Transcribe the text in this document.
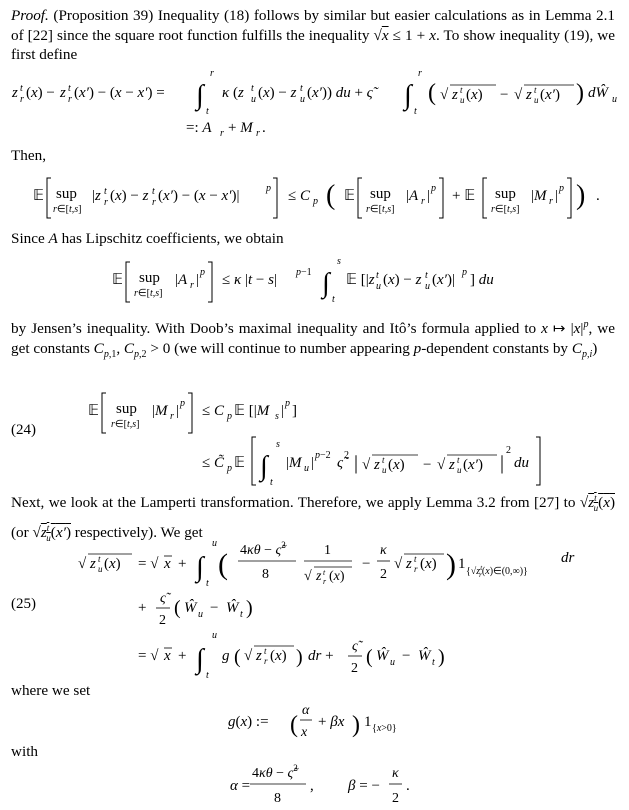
Proof. (Proposition 39) Inequality (18) follows by similar but easier calculations as in Lemma 2.1 of [22] since the square root function fulfills the inequality √x ≤ 1 + x. To show inequality (19), we first define
z t
r (x) − z t
r (x′) − (x − x′) = ∫
r
t
κ (z t
u (x) − z t
u (x′)) du + ς̃ ∫
r
t
( √ z t
u (x) − √ z t
u (x′) ) dŴ u
=: A r + M r .
Then,
𝔼 sup
r∈[t,s]
|z t
r (x) − z t
r (x′) − (x − x′)|	p ≤ C p ( 𝔼 sup
r∈[t,s]
|A r | p + 𝔼 sup
r∈[t,s]
|M r | p ) .
Since A has Lipschitz coefficients, we obtain
𝔼 sup
r∈[t,s]
|A r | p ≤ κ |t − s| p−1 ∫
s
t
𝔼 [|z t
u (x) − z t
u (x′)| p ] du
by Jensen’s inequality. With Doob’s maximal inequality and Itô’s formula applied to x ↦ $|x|^p$, we get constants $C_{p,1}$, $C_{p,2} > 0$ (we will continue to number appearing p-dependent constants by $C_{p,i}$)
(24)
𝔼 sup
r∈[t,s]
|M r | p ≤ C p 𝔼 [|M s | p ]
≤ C̃ p 𝔼 ∫
s
t
|M u | p−2 ς̃ 2 | √ z t
u (x) − √ z t
u (x′) |
2
du
Next, we look at the Lamperti transformation. Therefore, we apply Lemma 3.2 from [27] to $√z^t_u(x)$ (or $√z^t_u(x')$ respectively). We get
(25)
√ z t
u (x) = √ x + ∫
u
t
( 4κθ − ς̃$^2$
8
1
√ z t
r (x)
−
κ
2
√ z t
r (x) ) 1 {$√z^t$ r(x)∈(0,∞)}
dr
+
ς̃
2
( Ŵ u − Ŵ t )
= √ x + ∫
u
t
g ( √ z t
r (x) ) dr +
ς̃
2
( Ŵ u − Ŵ t )
where we set
g(x) := (
α
x
+ βx ) 1 {x>0}
with
α =
4κθ − ς̃$^2$
8
, β = −
κ
2
.
